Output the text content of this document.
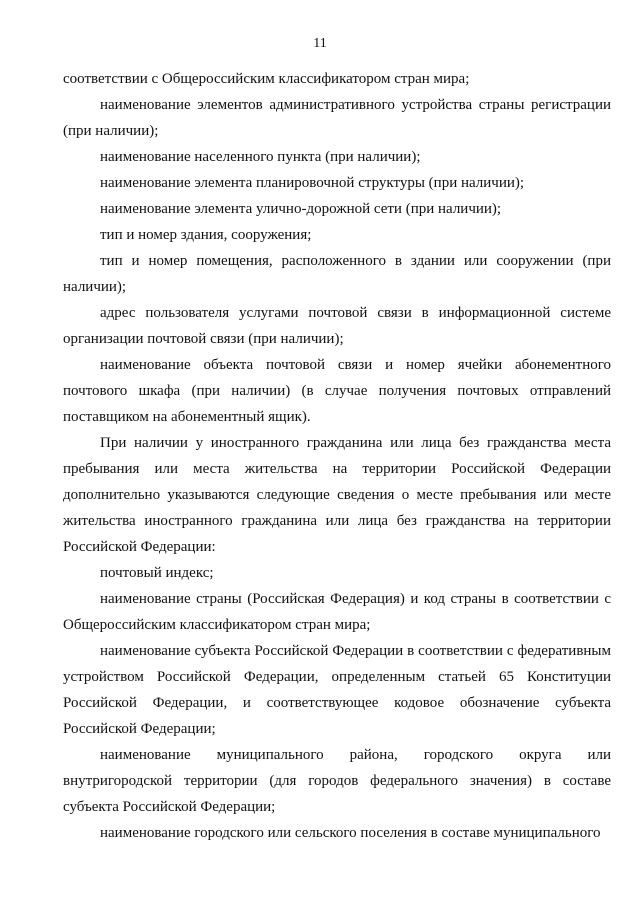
11

соответствии с Общероссийским классификатором стран мира;

наименование элементов административного устройства страны регистрации (при наличии);

наименование населенного пункта (при наличии);

наименование элемента планировочной структуры (при наличии);

наименование элемента улично-дорожной сети (при наличии);

тип и номер здания, сооружения;

тип и номер помещения, расположенного в здании или сооружении (при наличии);

адрес пользователя услугами почтовой связи в информационной системе организации почтовой связи (при наличии);

наименование объекта почтовой связи и номер ячейки абонементного почтового шкафа (при наличии) (в случае получения почтовых отправлений поставщиком на абонементный ящик).

При наличии у иностранного гражданина или лица без гражданства места пребывания или места жительства на территории Российской Федерации дополнительно указываются следующие сведения о месте пребывания или месте жительства иностранного гражданина или лица без гражданства на территории Российской Федерации:

почтовый индекс;

наименование страны (Российская Федерация) и код страны в соответствии с Общероссийским классификатором стран мира;

наименование субъекта Российской Федерации в соответствии с федеративным устройством Российской Федерации, определенным статьей 65 Конституции Российской Федерации, и соответствующее кодовое обозначение субъекта Российской Федерации;

наименование муниципального района, городского округа или внутригородской территории (для городов федерального значения) в составе субъекта Российской Федерации;

наименование городского или сельского поселения в составе муниципального
